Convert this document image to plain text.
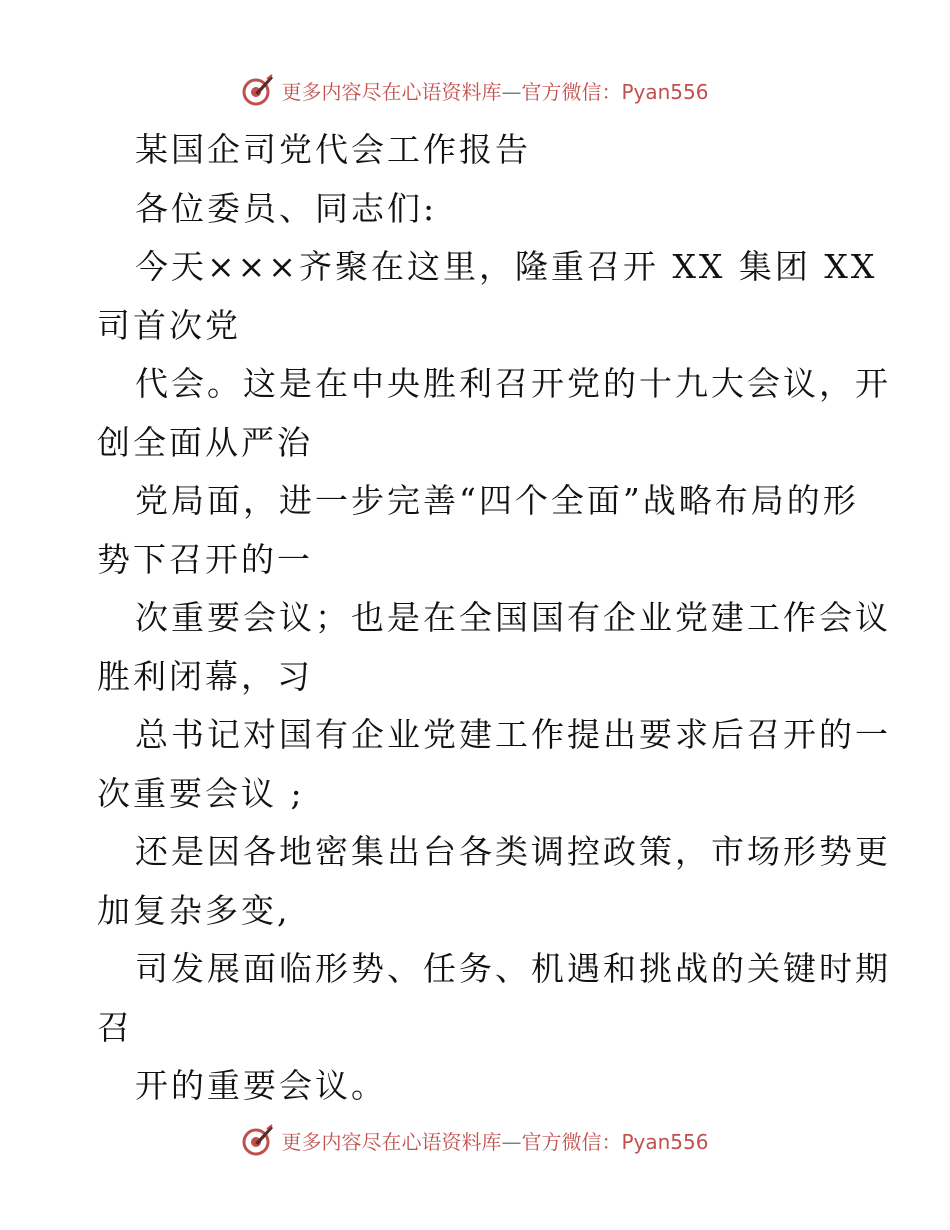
更多内容尽在心语资料库—官方微信：Pyan556
某国企司党代会工作报告
各位委员、同志们:
今天×××齐聚在这里，隆重召开 XX 集团 XX
司首次党
代会。这是在中央胜利召开党的十九大会议，开
创全面从严治
党局面，进一步完善“四个全面”战略布局的形
势下召开的一
次重要会议；也是在全国国有企业党建工作会议
胜利闭幕，习
总书记对国有企业党建工作提出要求后召开的一
次重要会议 ;
还是因各地密集出台各类调控政策，市场形势更
加复杂多变,
司发展面临形势、任务、机遇和挑战的关键时期
召
开的重要会议。
更多内容尽在心语资料库—官方微信：Pyan556
